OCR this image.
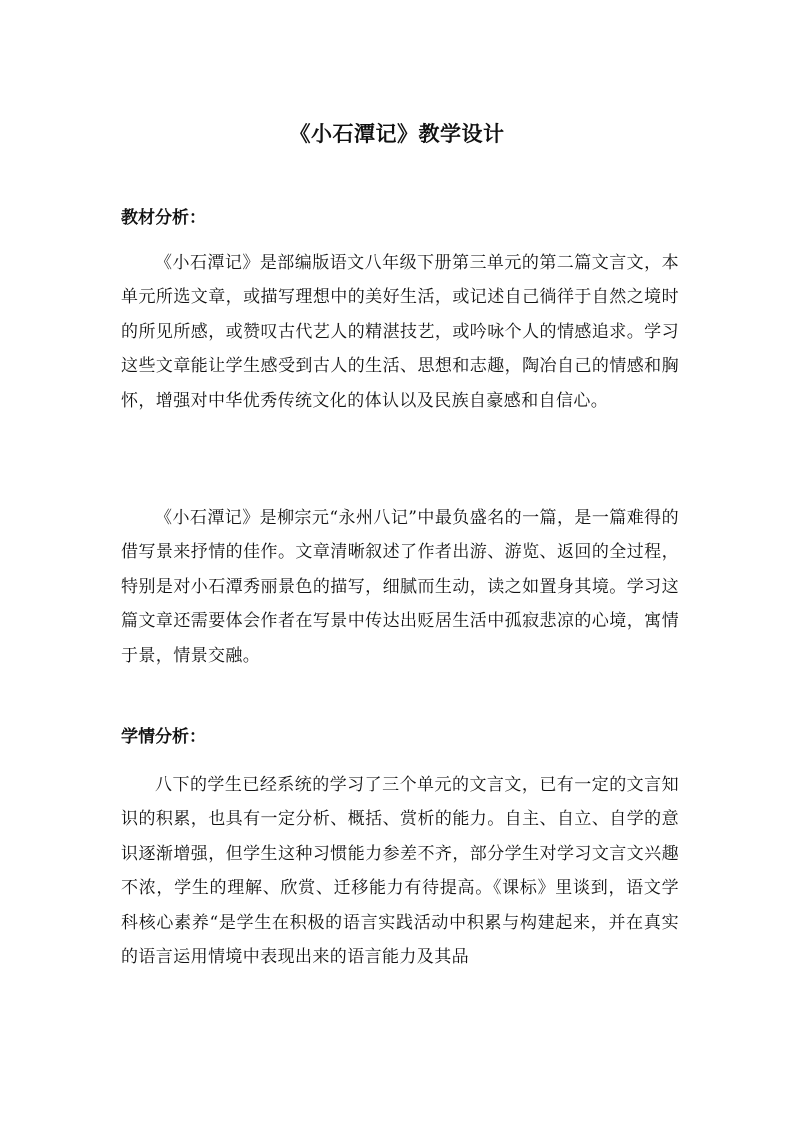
《小石潭记》教学设计
教材分析：

《小石潭记》是部编版语文八年级下册第三单元的第二篇文言文，本单元所选文章，或描写理想中的美好生活，或记述自己徜徉于自然之境时的所见所感，或赞叹古代艺人的精湛技艺，或吟咏个人的情感追求。学习这些文章能让学生感受到古人的生活、思想和志趣，陶冶自己的情感和胸怀，增强对中华优秀传统文化的体认以及民族自豪感和自信心。

《小石潭记》是柳宗元“永州八记”中最负盛名的一篇，是一篇难得的借写景来抒情的佳作。文章清晰叙述了作者出游、游览、返回的全过程，特别是对小石潭秀丽景色的描写，细腻而生动，读之如置身其境。学习这篇文章还需要体会作者在写景中传达出贬居生活中孤寂悲凉的心境，寓情于景，情景交融。

学情分析：

八下的学生已经系统的学习了三个单元的文言文，已有一定的文言知识的积累，也具有一定分析、概括、赏析的能力。自主、自立、自学的意识逐渐增强，但学生这种习惯能力参差不齐，部分学生对学习文言文兴趣不浓，学生的理解、欣赏、迁移能力有待提高。《课标》里谈到，语文学科核心素养“是学生在积极的语言实践活动中积累与构建起来，并在真实的语言运用情境中表现出来的语言能力及其品
